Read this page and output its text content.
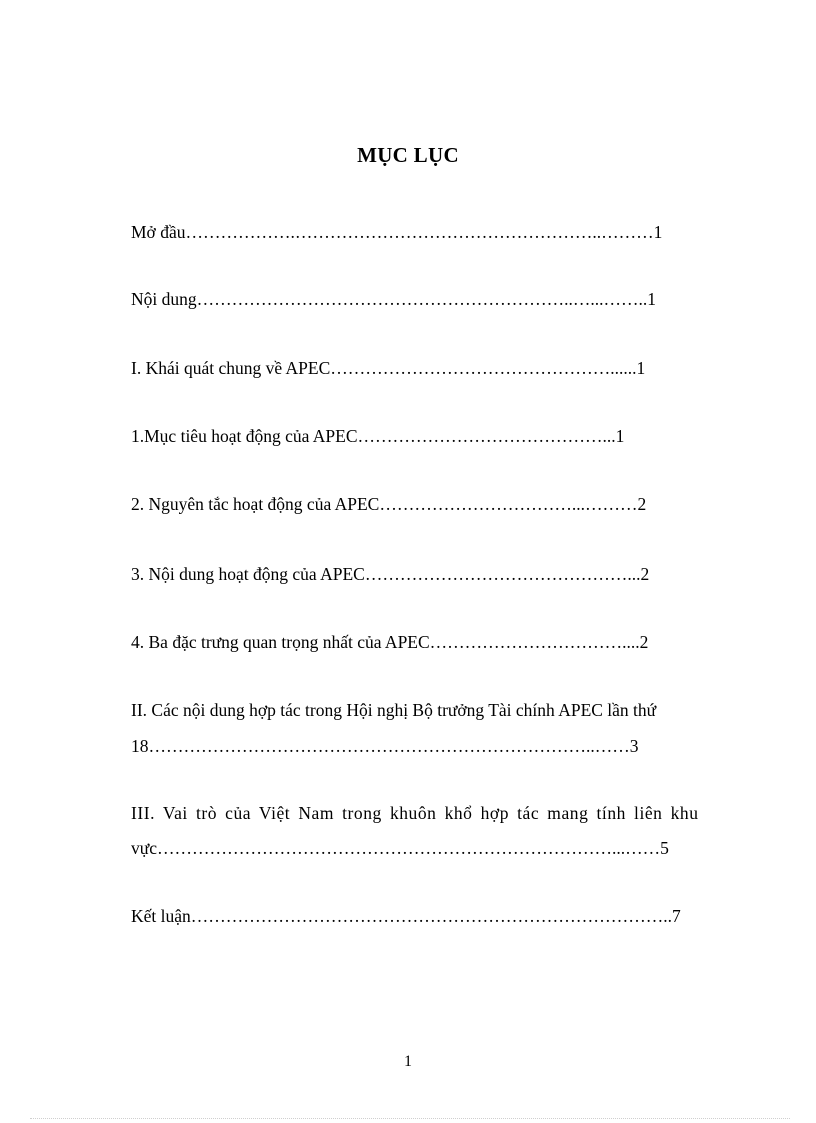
MỤC LỤC
Mở đầu……………….……………………………………………..………1
Nội dung………………………………………………………..…...……..1
I. Khái quát chung về APEC…………………………………………......1
1.Mục tiêu hoạt động của APEC……………………………………...1
2. Nguyên tắc hoạt động của APEC……………………………...………2
3. Nội dung hoạt động của APEC………………………………………...2
4. Ba đặc trưng quan trọng nhất của APEC……………………………....2
II. Các nội dung hợp tác trong Hội nghị Bộ trưởng Tài chính APEC lần thứ
18…………………………………………………………………..……3
III. Vai trò của Việt Nam trong khuôn khổ hợp tác mang tính liên khu
vực……………………………………………………………………...……5
Kết luận………………………………………………………………………..7
1
